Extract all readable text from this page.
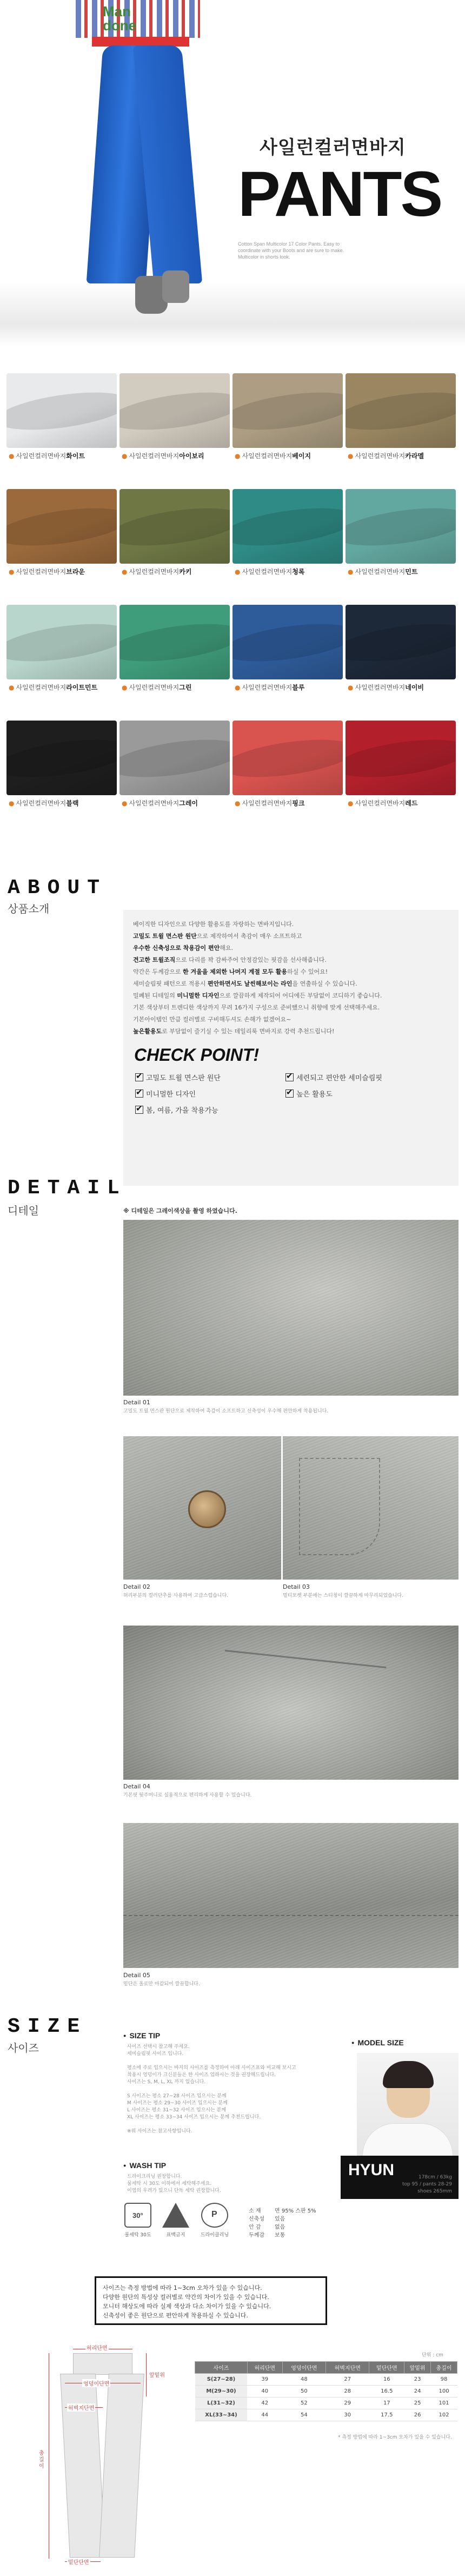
Man
done
사일런컬러면바지
PANTS
Cotton Span Multicolor 17 Color Pants. Easy to coordinate with your Boots and are sure to make. Multicolor in shorts look.
● 사일런컬러면바지화이트	● 사일런컬러면바지아이보리	● 사일런컬러면바지베이지	● 사일런컬러면바지카라멜
● 사일런컬러면바지브라운	● 사일런컬러면바지카키	● 사일런컬러면바지청록	● 사일런컬러면바지민트
● 사일런컬러면바지라이트민트	● 사일런컬러면바지그린	● 사일런컬러면바지블루	● 사일런컬러면바지네이비
● 사일런컬러면바지블랙	● 사일런컬러면바지그레이	● 사일런컬러면바지핑크	● 사일런컬러면바지레드
ABOUT
상품소개
CHECK POINT!
베이직한 디자인으로 다양한 활용도를 자랑하는 면바지입니다.
고밀도 트윌 면스판 원단으로 제작하여서 촉감이 매우 소프트하고
우수한 신축성으로 착용감이 편안해요.
견고한 트윌조직으로 다리를 꽉 감싸주어 안정감있는 핏감을 선사해줍니다.
약간은 두께감으로 한 겨울을 제외한 나머지 계절 모두 활용하실 수 있어요!
세미슬림핏 패턴으로 적용시 편안하면서도 날씬해보이는 라인을 연출하실 수 있습니다.
밀폐된 디테일의 미니멀한 디자인으로 깔끔하게 제작되어 어디에든 부담없이 코디하기 좋습니다.
기본 색상부터 트렌디한 색상까지 무려 16가지 구성으로 준비했으니 취향에 맞게 선택해주세요.
기본아이템인 만큼 컬러별로 구비해두셔도 손해가 없겠어요~
높은활용도로 부담없이 즐기실 수 있는 데일리룩 면바지로 강력 추천드립니다!
✔고밀도 트윌 면스판 원단 ✔	세련되고 편안한 세미슬림핏
✔미니멀한 디자인 ✔	높은 활용도
✔봄, 여름, 가을 착용가능
DETAIL
디테일	※ 디테일은 그레이색상을 촬영 하였습니다.
Detail 01
고밀도 트윌 면스판 원단으로 제작하여 촉감이 소프트하고 신축성이 우수해 편안하게 착용됩니다.
Detail 02
허리부분의 컬러단추를 사용하여 고급스럽습니다.
Detail 03
멀티포켓 부분에는 스티칭이 깔끔하게 마무리되었습니다.
Detail 04
기본핏 뒷주머니로 실용적으로 편리하게 사용할 수 있습니다.
Detail 05
밑단은 올로만 마감되어 깔끔합니다.
SIZE
사이즈
● SIZE TIP
사이즈 선택시 참고해 주세요.
세미슬림핏 사이즈 입니다.

평소에 주로 입으시는 바지의 사이즈를 측정하여 아래 사이즈표와 비교해 보시고
착용시 엉덩이가 크신분들은 한 사이즈 업하시는 것을 권장해드립니다.
사이즈는 S, M, L, XL 까지 있습니다.

S 사이즈는 평소 27~28 사이즈 입으시는 분께
M 사이즈는 평소 29~30 사이즈 입으시는 분께
L 사이즈는 평소 31~32 사이즈 입으시는 분께
XL 사이즈는 평소 33~34 사이즈 입으시는 분께 추천드립니다.

※위 사이즈는 참고사항입니다.
● WASH TIP
드라이크리닝 권장합니다.
물세탁 시 30도 이하에서 세탁해주세요.
이염의 우려가 있으니 단독 세탁 권장합니다.
30°	P
물세탁 30도	표백금지	드라이클리닝
소 재	면 95% 스판 5%
신축성 있음
안 감	없음
두께감 보통
● MODEL SIZE
HYUN	178cm / 63kg
top 95 / pants 28-29
shoes 265mm
사이즈는 측정 방법에 따라 1~3cm 오차가 있을 수 있습니다.
다양한 원단의 특성상 컬러별로 약간의 차이가 있을 수 있습니다.
모니터 해상도에 따라 실제 색상과 다소 차이가 있을 수 있습니다.
신축성이 좋은 원단으로 편안하게 착용하실 수 있습니다.
허리단면
엉덩이단면
허벅지단면
총길이
밑단단면
앞밑위
단위 : cm
사이즈	허리단면	엉덩이단면	허벅지단면	밑단단면	앞밑위	총길이
S(27~28)	39	48	27	16	23	98
M(29~30)	40	50	28	16.5	24	100
L(31~32)	42	52	29	17	25	101
XL(33~34)	44	54	30	17.5	26	102
* 측정 방법에 따라 1~3cm 오차가 있을 수 있습니다.
